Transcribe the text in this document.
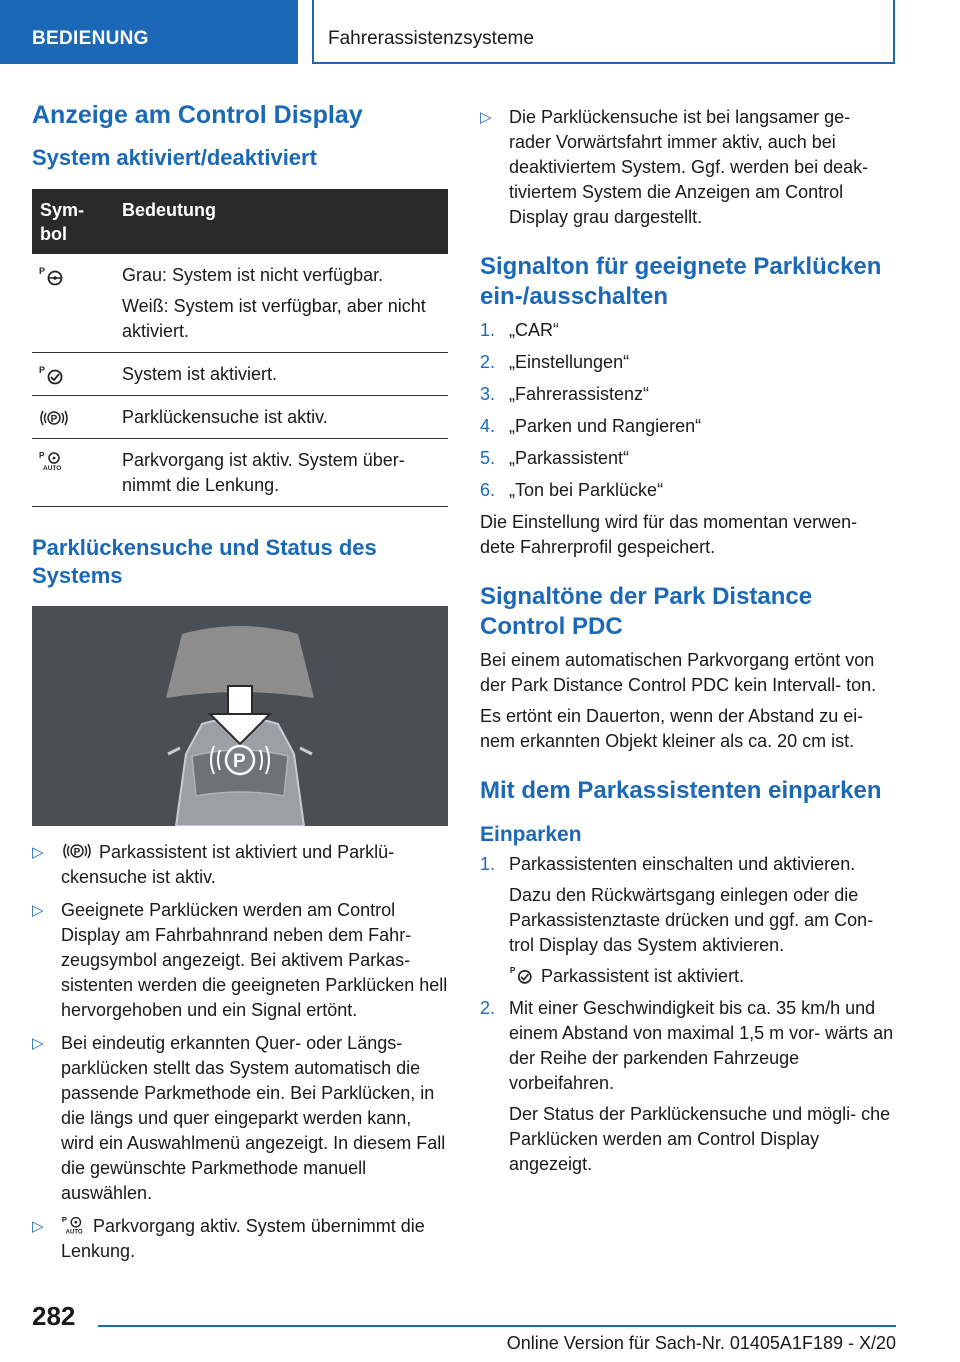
BEDIENUNG	Fahrerassistenzsysteme
Anzeige am Control Display
System aktiviert/deaktiviert
Sym‐
bol	Bedeutung

P	Grau: System ist nicht verfügbar.

Weiß: System ist verfügbar, aber nicht aktiviert.

P	System ist aktiviert.

P	Parklückensuche ist aktiv.

P
AUTO	Parkvorgang ist aktiv. System über‐ nimmt die Lenkung.

Parklückensuche und Status des Systems
P
▷	P Parkassistent ist aktiviert und Parklü‐ ckensuche ist aktiv.
▷ Geeignete Parklücken werden am Control Display am Fahrbahnrand neben dem Fahr‐ zeugsymbol angezeigt. Bei aktivem Parkas‐ sistenten werden die geeigneten Parklücken hell hervorgehoben und ein Signal ertönt.
▷ Bei eindeutig erkannten Quer- oder Längs‐ parklücken stellt das System automatisch die passende Parkmethode ein. Bei Parklücken, in die längs und quer eingeparkt werden kann, wird ein Auswahlmenü angezeigt. In diesem Fall die gewünschte Parkmethode manuell auswählen.
▷ P
AUTO Parkvorgang aktiv. System übernimmt die Lenkung.
▷ Die Parklückensuche ist bei langsamer ge‐ rader Vorwärtsfahrt immer aktiv, auch bei deaktiviertem System. Ggf. werden bei deak‐ tiviertem System die Anzeigen am Control Display grau dargestellt.
Signalton für geeignete Parklücken ein-/ausschalten
1. „CAR“
2. „Einstellungen“
3. „Fahrerassistenz“
4. „Parken und Rangieren“
5. „Parkassistent“
6. „Ton bei Parklücke“

Die Einstellung wird für das momentan verwen‐ dete Fahrerprofil gespeichert.

Signaltöne der Park Distance Control PDC

Bei einem automatischen Parkvorgang ertönt von der Park Distance Control PDC kein Intervall‐ ton.

Es ertönt ein Dauerton, wenn der Abstand zu ei‐ nem erkannten Objekt kleiner als ca. 20 cm ist.

Mit dem Parkassistenten einparken
Einparken
1. Parkassistenten einschalten und aktivieren.

Dazu den Rückwärtsgang einlegen oder die Parkassistenztaste drücken und ggf. am Con‐ trol Display das System aktivieren.

P Parkassistent ist aktiviert.

2. Mit einer Geschwindigkeit bis ca. 35 km/h und einem Abstand von maximal 1,5 m vor‐ wärts an der Reihe der parkenden Fahrzeuge vorbeifahren.

Der Status der Parklückensuche und mögli‐ che Parklücken werden am Control Display angezeigt.

282
Online Version für Sach-Nr. 01405A1F189 - X/20
